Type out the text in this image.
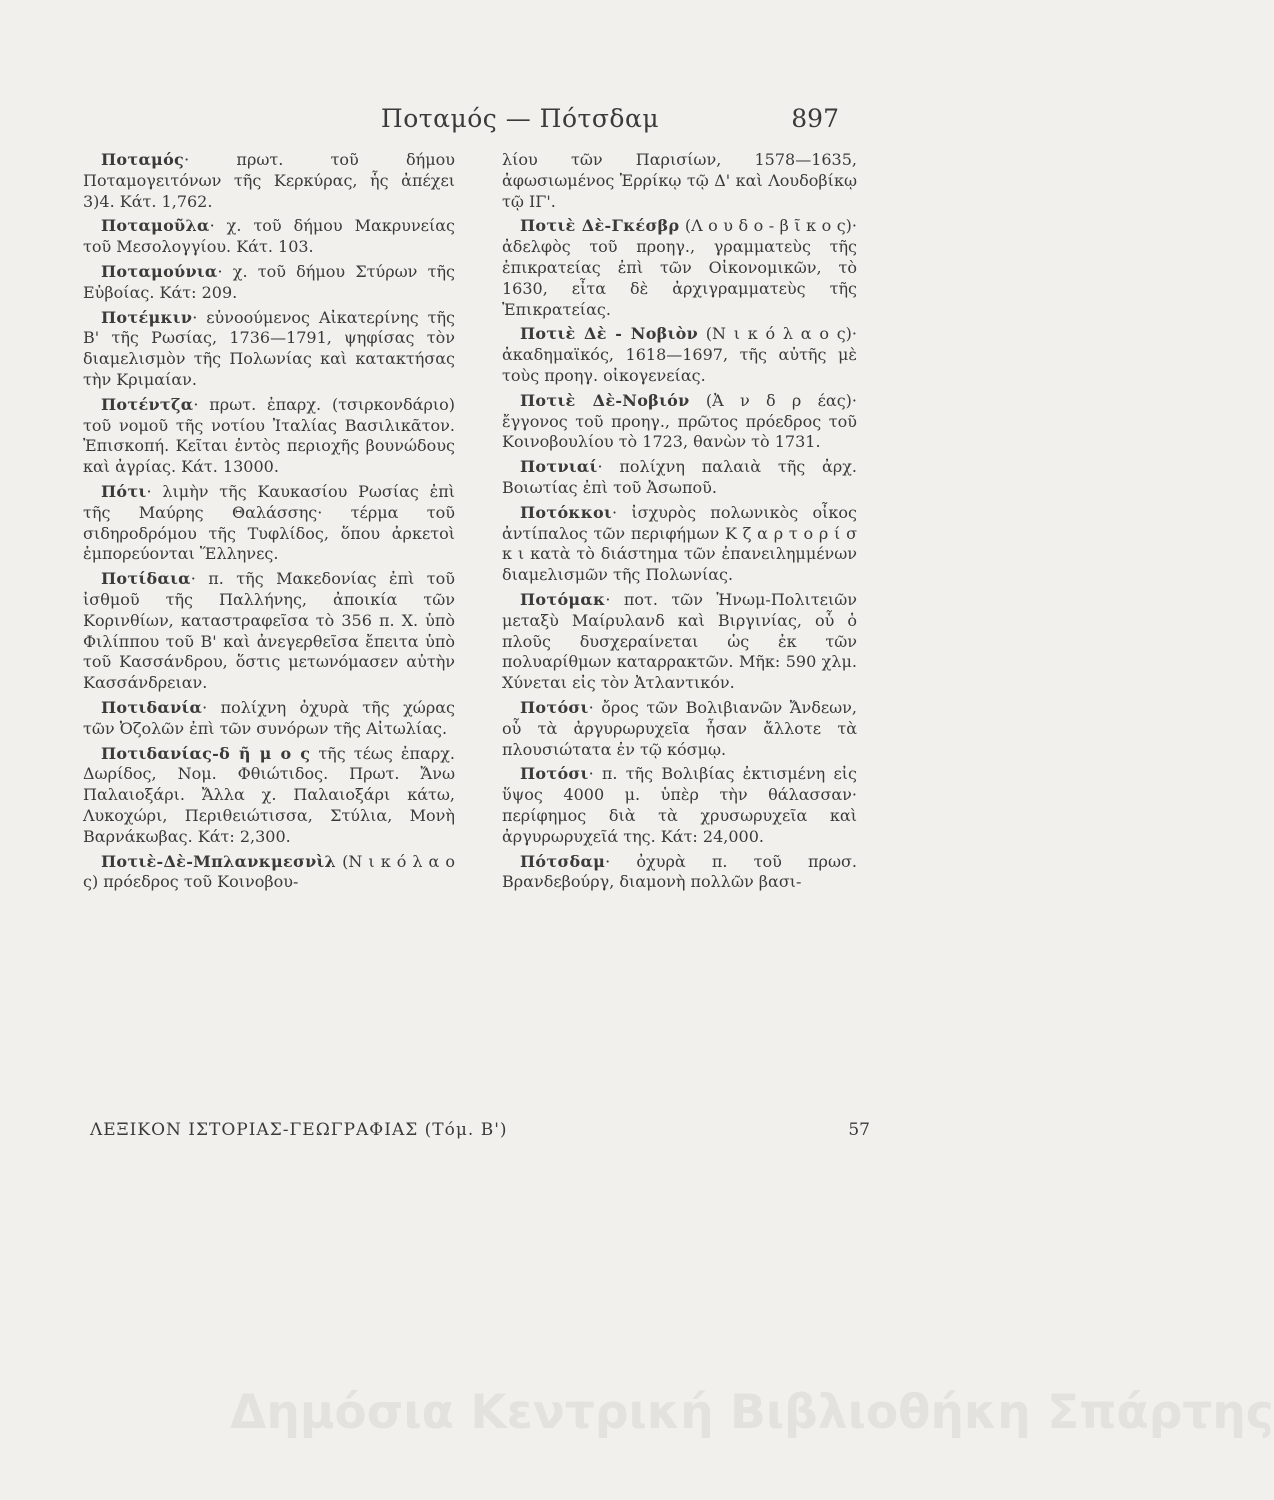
Ποταμός — Πότσδαμ	897

Ποταμός· πρωτ. τοῦ δήμου Ποταμογειτόνων τῆς Κερκύρας, ἧς ἀπέχει 3)4. Κάτ. 1,762.

Ποταμοῦλα· χ. τοῦ δήμου Μακρυνείας τοῦ Μεσολογγίου. Κάτ. 103.

Ποταμούνια· χ. τοῦ δήμου Στύρων τῆς Εὐβοίας. Κάτ: 209.

Ποτέμκιν· εὐνοούμενος Αἰκατερίνης τῆς Β' τῆς Ρωσίας, 1736—1791, ψηφίσας τὸν διαμελισμὸν τῆς Πολωνίας καὶ κατακτήσας τὴν Κριμαίαν.

Ποτέντζα· πρωτ. ἐπαρχ. (τσιρκονδάριο) τοῦ νομοῦ τῆς νοτίου Ἰταλίας Βασιλικᾶτον. Ἐπισκοπή. Κεῖται ἐντὸς περιοχῆς βουνώδους καὶ ἀγρίας. Κάτ. 13000.

Πότι· λιμὴν τῆς Καυκασίου Ρωσίας ἐπὶ τῆς Μαύρης Θαλάσσης· τέρμα τοῦ σιδηροδρόμου τῆς Τυφλίδος, ὅπου ἀρκετοὶ ἐμπορεύονται Ἕλληνες.

Ποτίδαια· π. τῆς Μακεδονίας ἐπὶ τοῦ ἰσθμοῦ τῆς Παλλήνης, ἀποικία τῶν Κορινθίων, καταστραφεῖσα τὸ 356 π. Χ. ὑπὸ Φιλίππου τοῦ Β' καὶ ἀνεγερθεῖσα ἔπειτα ὑπὸ τοῦ Κασσάνδρου, ὅστις μετωνόμασεν αὐτὴν Κασσάνδρειαν.

Ποτιδανία· πολίχνη ὀχυρὰ τῆς χώρας τῶν Ὀζολῶν ἐπὶ τῶν συνόρων τῆς Αἰτωλίας.

Ποτιδανίας-δ ῆ μ ο ς τῆς τέως ἐπαρχ. Δωρίδος, Νομ. Φθιώτιδος. Πρωτ. Ἄνω Παλαιοξάρι. Ἄλλα χ. Παλαιοξάρι κάτω, Λυκοχώρι, Περιθειώτισσα, Στύλια, Μονὴ Βαρνάκωβας. Κάτ: 2,300.

Ποτιὲ-Δὲ-Μπλανκμεσνὶλ (Ν ι κ ό λ α ο ς) πρόεδρος τοῦ Κοινοβου-

λίου τῶν Παρισίων, 1578—1635, ἀφωσιωμένος Ἑρρίκῳ τῷ Δ' καὶ Λουδοβίκῳ τῷ ΙΓ'.

Ποτιὲ Δὲ-Γκέσβρ (Λ ο υ δ ο - β ῖ κ ο ς)· ἀδελφὸς τοῦ προηγ., γραμματεὺς τῆς ἐπικρατείας ἐπὶ τῶν Οἰκονομικῶν, τὸ 1630, εἶτα δὲ ἀρχιγραμματεὺς τῆς Ἐπικρατείας.

Ποτιὲ Δὲ - Νοβιὸν (Ν ι κ ό λ α ο ς)· ἀκαδημαϊκός, 1618—1697, τῆς αὐτῆς μὲ τοὺς προηγ. οἰκογενείας.

Ποτιὲ Δὲ-Νοβιόν (Ἀ ν δ ρ έας)· ἔγγονος τοῦ προηγ., πρῶτος πρόεδρος τοῦ Κοινοβουλίου τὸ 1723, θανὼν τὸ 1731.

Ποτνιαί· πολίχνη παλαιὰ τῆς ἀρχ. Βοιωτίας ἐπὶ τοῦ Ἀσωποῦ.

Ποτόκκοι· ἰσχυρὸς πολωνικὸς οἶκος ἀντίπαλος τῶν περιφήμων Κ ζ α ρ τ ο ρ ί σ κ ι κατὰ τὸ διάστημα τῶν ἐπανειλημμένων διαμελισμῶν τῆς Πολωνίας.

Ποτόμακ· ποτ. τῶν Ἡνωμ-Πολιτειῶν μεταξὺ Μαίρυλανδ καὶ Βιργινίας, οὗ ὁ πλοῦς δυσχεραίνεται ὡς ἐκ τῶν πολυαρίθμων καταρρακτῶν. Μῆκ: 590 χλμ. Χύνεται εἰς τὸν Ἀτλαντικόν.

Ποτόσι· ὄρος τῶν Βολιβιανῶν Ἄνδεων, οὗ τὰ ἀργυρωρυχεῖα ἦσαν ἄλλοτε τὰ πλουσιώτατα ἐν τῷ κόσμῳ.

Ποτόσι· π. τῆς Βολιβίας ἐκτισμένη εἰς ὕψος 4000 μ. ὑπὲρ τὴν θάλασσαν· περίφημος διὰ τὰ χρυσωρυχεῖα καὶ ἀργυρωρυχεῖά της. Κάτ: 24,000.

Πότσδαμ· ὀχυρὰ π. τοῦ πρωσ. Βρανδεβούργ, διαμονὴ πολλῶν βασι-

ΛΕΞΙΚΟΝ ΙΣΤΟΡΙΑΣ-ΓΕΩΓΡΑΦΙΑΣ (Τόμ. Β')	57
Δημόσια Κεντρική Βιβλιοθήκη Σπάρτης
